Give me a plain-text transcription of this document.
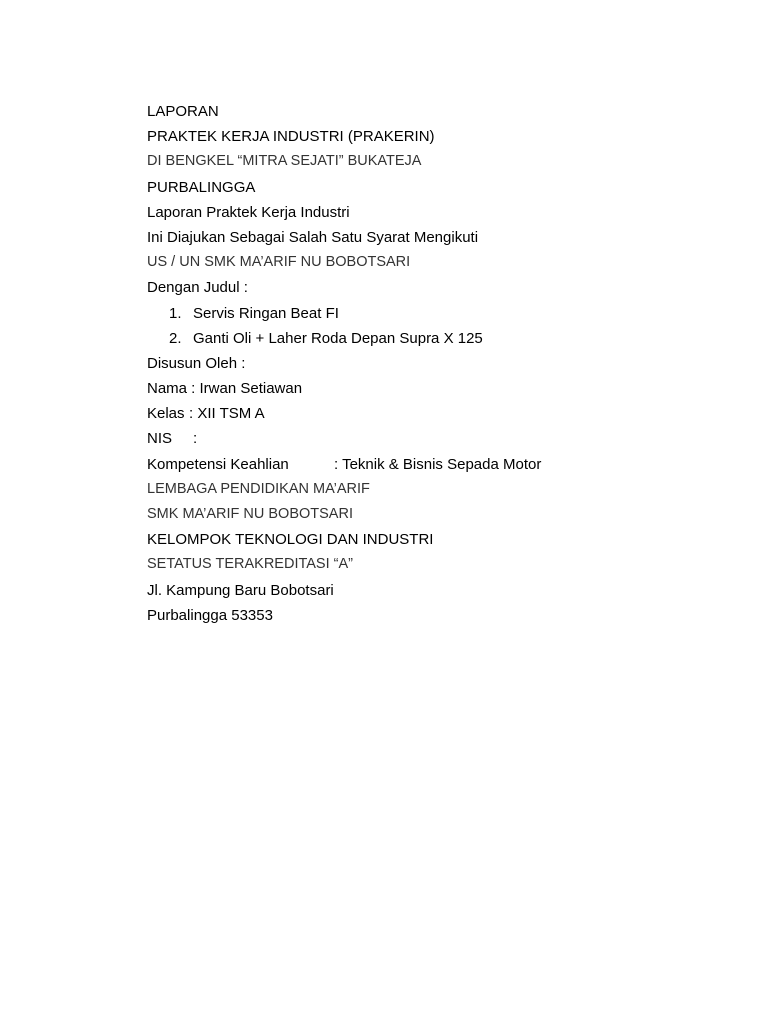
LAPORAN
PRAKTEK KERJA INDUSTRI (PRAKERIN)
DI BENGKEL “MITRA SEJATI” BUKATEJA
PURBALINGGA
Laporan Praktek Kerja Industri
Ini Diajukan Sebagai Salah Satu Syarat Mengikuti
US / UN SMK MA’ARIF NU BOBOTSARI
Dengan Judul :
1. Servis Ringan Beat FI
2. Ganti Oli + Laher Roda Depan Supra X 125
Disusun Oleh :
Nama : Irwan Setiawan
Kelas : XII TSM A
NIS :
Kompetensi Keahlian	: Teknik & Bisnis Sepada Motor
LEMBAGA PENDIDIKAN MA’ARIF
SMK MA’ARIF NU BOBOTSARI
KELOMPOK TEKNOLOGI DAN INDUSTRI
SETATUS TERAKREDITASI “A”
Jl. Kampung Baru Bobotsari
Purbalingga 53353
